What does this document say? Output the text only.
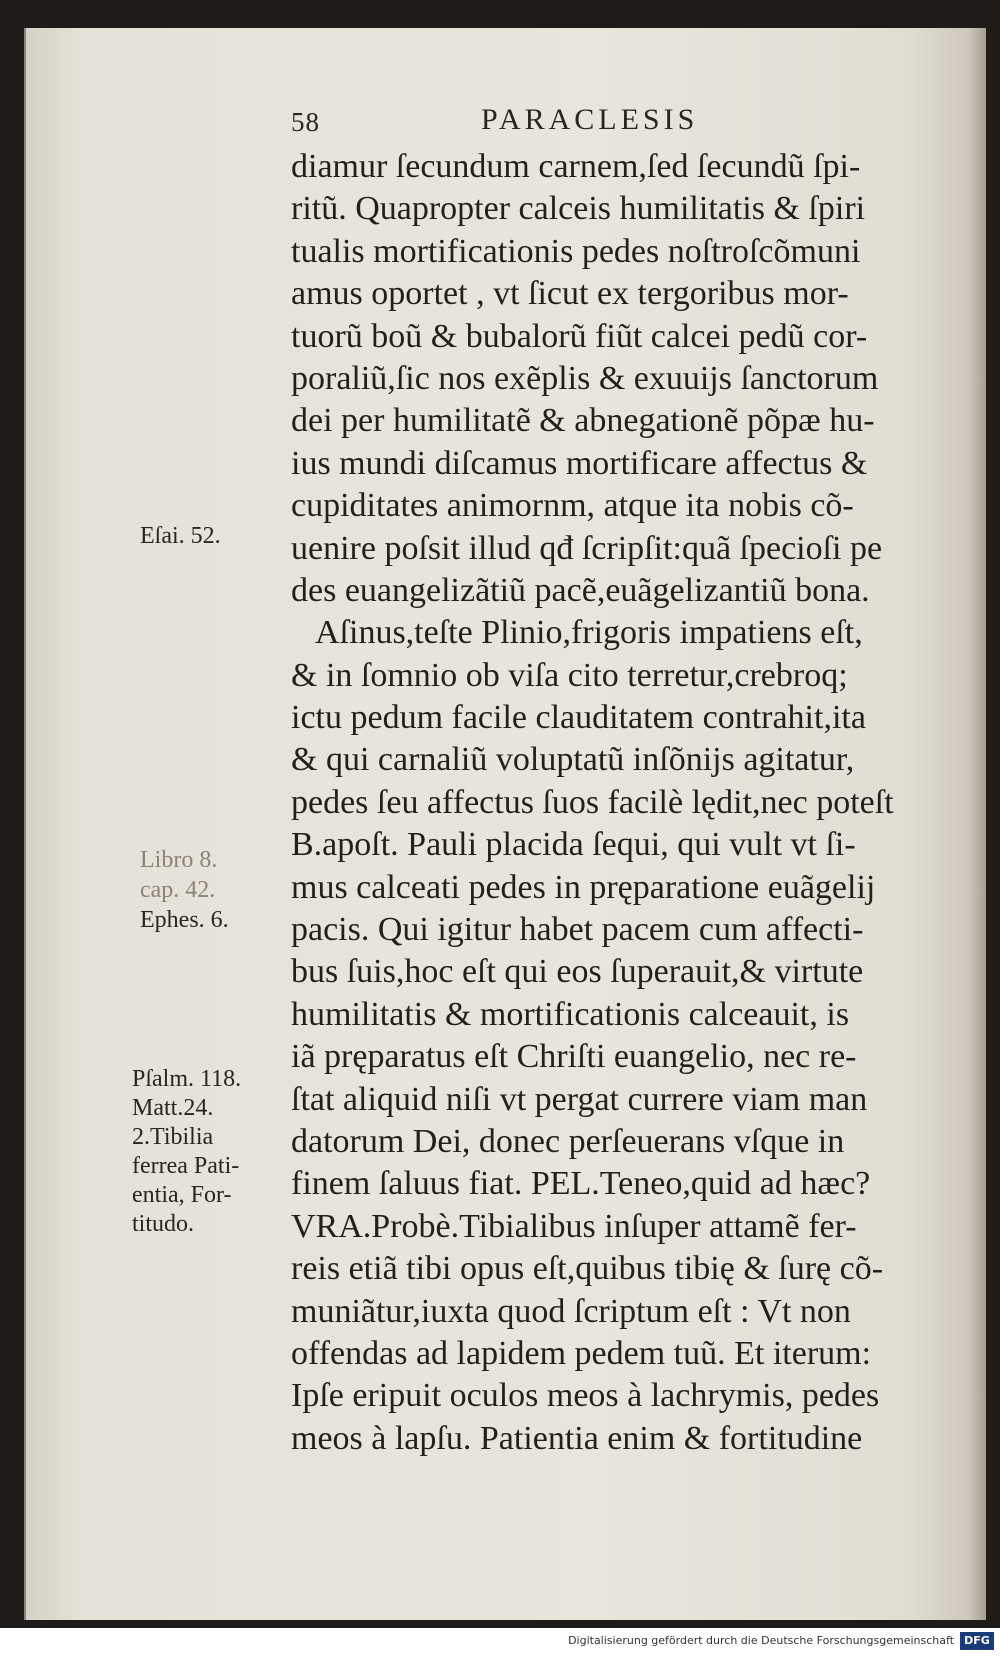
58	PARACLESIS
diamur ſecundum carnem,ſed ſecundũ ſpi-
ritũ. Quapropter calceis humilitatis & ſpiri
tualis mortificationis pedes noſtroſcõmuni
amus oportet , vt ſicut ex tergoribus mor-
tuorũ boũ & bubalorũ fiũt calcei pedũ cor-
poraliũ,ſic nos exẽplis & exuuijs ſanctorum
dei per humilitatẽ & abnegationẽ põpæ hu-
ius mundi diſcamus mortificare affectus &
cupiditates animornm, atque ita nobis cõ-
uenire poſsit illud qđ ſcripſit:quã ſpecioſi pe
des euangelizãtiũ pacẽ,euãgelizantiũ bona.
Aſinus,teſte Plinio,frigoris impatiens eſt,
& in ſomnio ob viſa cito terretur,crebroq;
ictu pedum facile clauditatem contrahit,ita
& qui carnaliũ voluptatũ inſõnijs agitatur,
pedes ſeu affectus ſuos facilè lędit,nec poteſt
B.apoſt. Pauli placida ſequi, qui vult vt ſi-
mus calceati pedes in pręparatione euãgelij
pacis. Qui igitur habet pacem cum affecti-
bus ſuis,hoc eſt qui eos ſuperauit,& virtute
humilitatis & mortificationis calceauit, is
iã pręparatus eſt Chriſti euangelio, nec re-
ſtat aliquid niſi vt pergat currere viam man
datorum Dei, donec perſeuerans vſque in
finem ſaluus fiat. PEL.Teneo,quid ad hæc?
VRA.Probè.Tibialibus inſuper attamẽ fer-
reis etiã tibi opus eſt,quibus tibię & ſurę cõ-
muniãtur,iuxta quod ſcriptum eſt : Vt non
offendas ad lapidem pedem tuũ. Et iterum:
Ipſe eripuit oculos meos à lachrymis, pedes
meos à lapſu. Patientia enim & fortitudine
Eſai. 52.
Libro 8.
cap. 42.
Ephes. 6.
Pſalm. 118.
Matt.24.
2.Tibilia
ferrea Pati-
entia, For-
titudo.
Digitalisierung gefördert durch die Deutsche Forschungsgemeinschaft DFG
